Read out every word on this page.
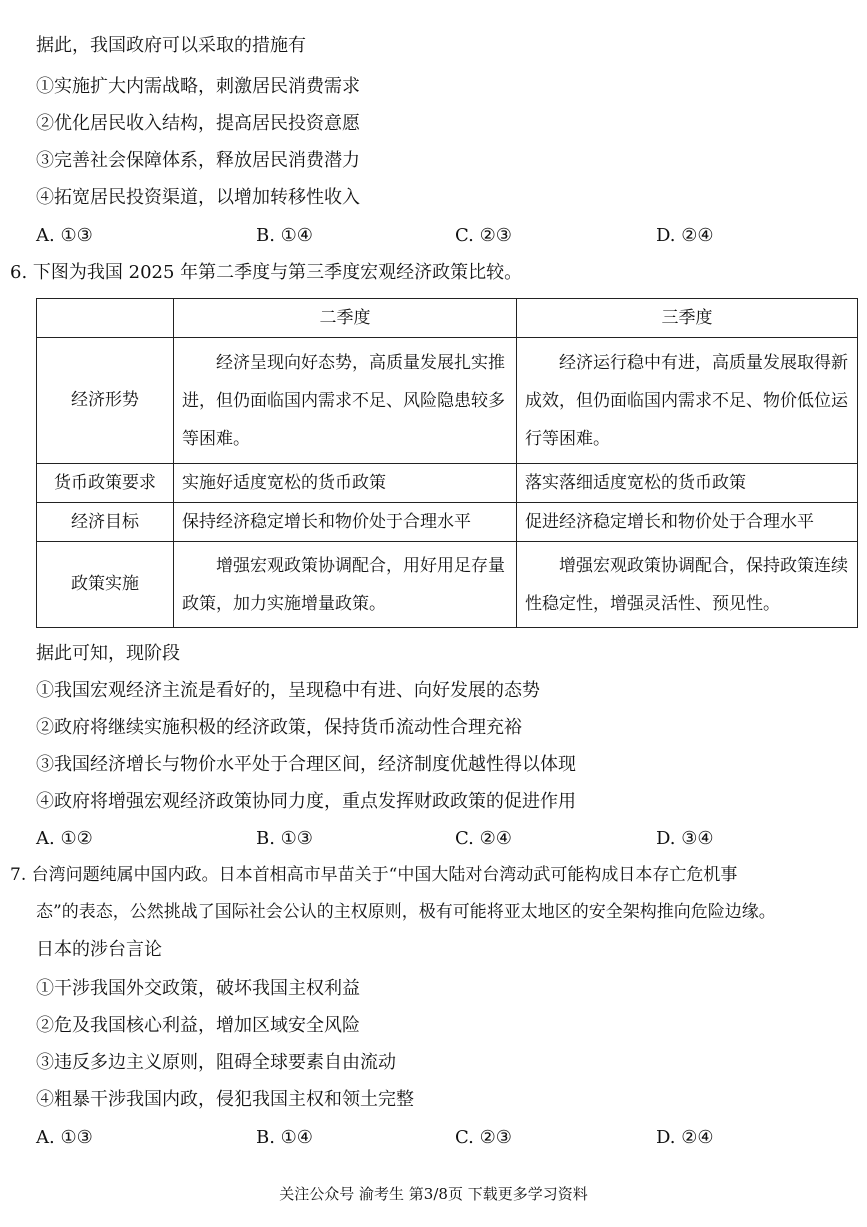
据此，我国政府可以采取的措施有
①实施扩大内需战略，刺激居民消费需求
②优化居民收入结构，提高居民投资意愿
③完善社会保障体系，释放居民消费潜力
④拓宽居民投资渠道，以增加转移性收入
A. ①③	B. ①④	C. ②③	D. ②④
6. 下图为我国 2025 年第二季度与第三季度宏观经济政策比较。
	二季度	三季度
经济形势	经济呈现向好态势，高质量发展扎实推进，但仍面临国内需求不足、风险隐患较多等困难。	经济运行稳中有进，高质量发展取得新成效，但仍面临国内需求不足、物价低位运行等困难。
货币政策要求	实施好适度宽松的货币政策	落实落细适度宽松的货币政策
经济目标	保持经济稳定增长和物价处于合理水平	促进经济稳定增长和物价处于合理水平
政策实施	增强宏观政策协调配合，用好用足存量政策，加力实施增量政策。	增强宏观政策协调配合，保持政策连续性稳定性，增强灵活性、预见性。
据此可知，现阶段
①我国宏观经济主流是看好的，呈现稳中有进、向好发展的态势
②政府将继续实施积极的经济政策，保持货币流动性合理充裕
③我国经济增长与物价水平处于合理区间，经济制度优越性得以体现
④政府将增强宏观经济政策协同力度，重点发挥财政政策的促进作用
A. ①②	B. ①③	C. ②④	D. ③④
7. 台湾问题纯属中国内政。日本首相高市早苗关于“中国大陆对台湾动武可能构成日本存亡危机事
态”的表态，公然挑战了国际社会公认的主权原则，极有可能将亚太地区的安全架构推向危险边缘。
日本的涉台言论
①干涉我国外交政策，破坏我国主权利益
②危及我国核心利益，增加区域安全风险
③违反多边主义原则，阻碍全球要素自由流动
④粗暴干涉我国内政，侵犯我国主权和领土完整
A. ①③	B. ①④	C. ②③	D. ②④
关注公众号 渝考生 第3/8页 下载更多学习资料
